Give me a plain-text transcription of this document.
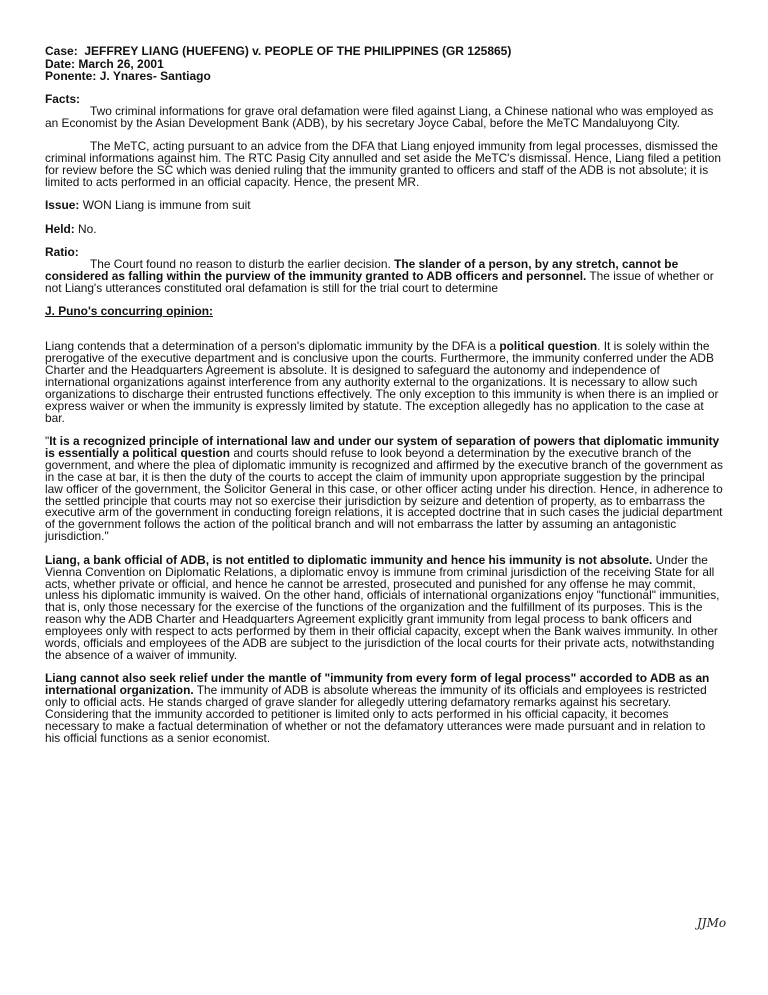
Case: JEFFREY LIANG (HUEFENG) v. PEOPLE OF THE PHILIPPINES (GR 125865)
Date: March 26, 2001
Ponente: J. Ynares- Santiago

Facts:

Two criminal informations for grave oral defamation were filed against Liang, a Chinese national who was employed as an Economist by the Asian Development Bank (ADB), by his secretary Joyce Cabal, before the MeTC Mandaluyong City.

The MeTC, acting pursuant to an advice from the DFA that Liang enjoyed immunity from legal processes, dismissed the criminal informations against him. The RTC Pasig City annulled and set aside the MeTC's dismissal. Hence, Liang filed a petition for review before the SC which was denied ruling that the immunity granted to officers and staff of the ADB is not absolute; it is limited to acts performed in an official capacity. Hence, the present MR.

Issue: WON Liang is immune from suit

Held: No.

Ratio:

The Court found no reason to disturb the earlier decision. The slander of a person, by any stretch, cannot be considered as falling within the purview of the immunity granted to ADB officers and personnel. The issue of whether or not Liang's utterances constituted oral defamation is still for the trial court to determine

J. Puno's concurring opinion:

Liang contends that a determination of a person's diplomatic immunity by the DFA is a political question. It is solely within the prerogative of the executive department and is conclusive upon the courts. Furthermore, the immunity conferred under the ADB Charter and the Headquarters Agreement is absolute. It is designed to safeguard the autonomy and independence of international organizations against interference from any authority external to the organizations. It is necessary to allow such organizations to discharge their entrusted functions effectively. The only exception to this immunity is when there is an implied or express waiver or when the immunity is expressly limited by statute. The exception allegedly has no application to the case at bar.

"It is a recognized principle of international law and under our system of separation of powers that diplomatic immunity is essentially a political question and courts should refuse to look beyond a determination by the executive branch of the government, and where the plea of diplomatic immunity is recognized and affirmed by the executive branch of the government as in the case at bar, it is then the duty of the courts to accept the claim of immunity upon appropriate suggestion by the principal law officer of the government, the Solicitor General in this case, or other officer acting under his direction. Hence, in adherence to the settled principle that courts may not so exercise their jurisdiction by seizure and detention of property, as to embarrass the executive arm of the government in conducting foreign relations, it is accepted doctrine that in such cases the judicial department of the government follows the action of the political branch and will not embarrass the latter by assuming an antagonistic jurisdiction."

Liang, a bank official of ADB, is not entitled to diplomatic immunity and hence his immunity is not absolute. Under the Vienna Convention on Diplomatic Relations, a diplomatic envoy is immune from criminal jurisdiction of the receiving State for all acts, whether private or official, and hence he cannot be arrested, prosecuted and punished for any offense he may commit, unless his diplomatic immunity is waived. On the other hand, officials of international organizations enjoy "functional" immunities, that is, only those necessary for the exercise of the functions of the organization and the fulfillment of its purposes. This is the reason why the ADB Charter and Headquarters Agreement explicitly grant immunity from legal process to bank officers and employees only with respect to acts performed by them in their official capacity, except when the Bank waives immunity. In other words, officials and employees of the ADB are subject to the jurisdiction of the local courts for their private acts, notwithstanding the absence of a waiver of immunity.

Liang cannot also seek relief under the mantle of "immunity from every form of legal process" accorded to ADB as an international organization. The immunity of ADB is absolute whereas the immunity of its officials and employees is restricted only to official acts. He stands charged of grave slander for allegedly uttering defamatory remarks against his secretary. Considering that the immunity accorded to petitioner is limited only to acts performed in his official capacity, it becomes necessary to make a factual determination of whether or not the defamatory utterances were made pursuant and in relation to his official functions as a senior economist.

JJMo
